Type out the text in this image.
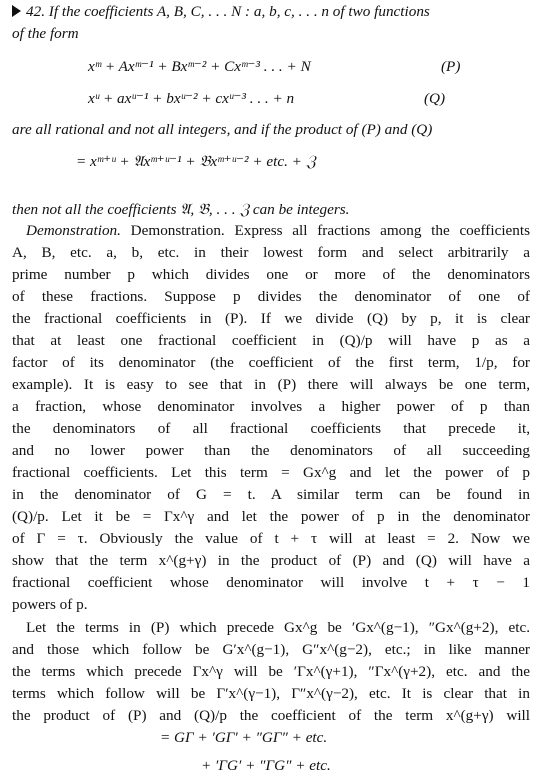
42. If the coefficients A, B, C, . . . N : a, b, c, . . . n of two functions
of the form
xᵐ + Axᵐ⁻¹ + Bxᵐ⁻² + Cxᵐ⁻³ . . . + N	(P)
xᵘ + axᵘ⁻¹ + bxᵘ⁻² + cxᵘ⁻³ . . . + n	(Q)
are all rational and not all integers, and if the product of (P) and (Q)
= xᵐ⁺ᵘ + 𝔄xᵐ⁺ᵘ⁻¹ + 𝔅xᵐ⁺ᵘ⁻² + etc. + ℨ
then not all the coefficients 𝔄, 𝔅, . . . ℨ can be integers.
Demonstration. Demonstration. Express all fractions among the coefficients
A, B, etc. a, b, etc. in their lowest form and select arbitrarily a
prime number p which divides one or more of the denominators
of these fractions. Suppose p divides the denominator of one of
the fractional coefficients in (P). If we divide (Q) by p, it is clear
that at least one fractional coefficient in (Q)/p will have p as a
factor of its denominator (the coefficient of the first term, 1/p, for
example). It is easy to see that in (P) there will always be one term,
a fraction, whose denominator involves a higher power of p than
the denominators of all fractional coefficients that precede it,
and no lower power than the denominators of all succeeding
fractional coefficients. Let this term = Gx^g and let the power of p
in the denominator of G = t. A similar term can be found in
(Q)/p. Let it be = Γx^γ and let the power of p in the denominator
of Γ = τ. Obviously the value of t + τ will at least = 2. Now we
show that the term x^(g+γ) in the product of (P) and (Q) will have a
fractional coefficient whose denominator will involve t + τ − 1
powers of p.
Let the terms in (P) which precede Gx^g be ′Gx^(g−1), ″Gx^(g+2), etc.
and those which follow be G′x^(g−1), G″x^(g−2), etc.; in like manner
the terms which precede Γx^γ will be ′Γx^(γ+1), ″Γx^(γ+2), etc. and the
terms which follow will be Γ′x^(γ−1), Γ″x^(γ−2), etc. It is clear that in
the product of (P) and (Q)/p the coefficient of the term x^(g+γ) will
= GΓ + ′GΓ′ + ″GΓ″ + etc.
+ ′ΓG′ + ″ΓG″ + etc.
